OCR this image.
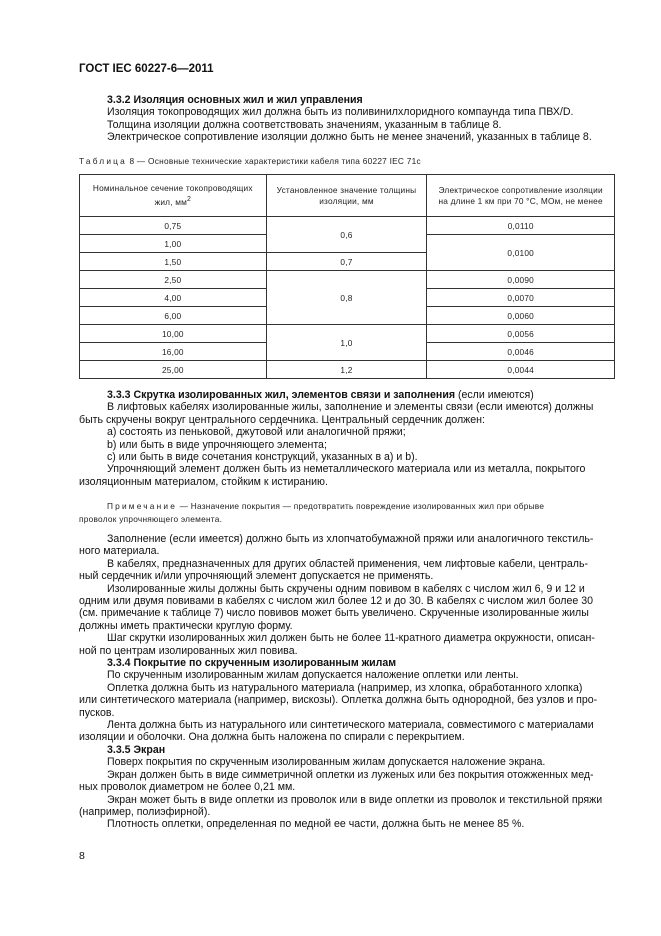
ГОСТ IEC 60227-6—2011
3.3.2 Изоляция основных жил и жил управления
Изоляция токопроводящих жил должна быть из поливинилхлоридного компаунда типа ПВХ/D.
Толщина изоляции должна соответствовать значениям, указанным в таблице 8.
Электрическое сопротивление изоляции должно быть не менее значений, указанных в таблице 8.
Таблица 8 — Основные технические характеристики кабеля типа 60227 IEC 71c
Номинальное сечение токопроводящих
жил, $мм^2$	Установленное значение толщины
изоляции, мм	Электрическое сопротивление изоляции
на длине 1 км при 70 °C, МОм, не менее
0,75	0,6	0,0110
1,00		0,0100
1,50	0,7	
2,50	0,8	0,0090
4,00		0,0070
6,00		0,0060
10,00	1,0	0,0056
16,00		0,0046
25,00	1,2	0,0044
3.3.3 Скрутка изолированных жил, элементов связи и заполнения (если имеются)
В лифтовых кабелях изолированные жилы, заполнение и элементы связи (если имеются) должны
быть скручены вокруг центрального сердечника. Центральный сердечник должен:
a) состоять из пеньковой, джутовой или аналогичной пряжи;
b) или быть в виде упрочняющего элемента;
c) или быть в виде сочетания конструкций, указанных в a) и b).
Упрочняющий элемент должен быть из неметаллического материала или из металла, покрытого
изоляционным материалом, стойким к истиранию.
Примечание — Назначение покрытия — предотвратить повреждение изолированных жил при обрыве
проволок упрочняющего элемента.
Заполнение (если имеется) должно быть из хлопчатобумажной пряжи или аналогичного текстиль-
ного материала.
В кабелях, предназначенных для других областей применения, чем лифтовые кабели, централь-
ный сердечник и/или упрочняющий элемент допускается не применять.
Изолированные жилы должны быть скручены одним повивом в кабелях с числом жил 6, 9 и 12 и
одним или двумя повивами в кабелях с числом жил более 12 и до 30. В кабелях с числом жил более 30
(см. примечание к таблице 7) число повивов может быть увеличено. Скрученные изолированные жилы
должны иметь практически круглую форму.
Шаг скрутки изолированных жил должен быть не более 11-кратного диаметра окружности, описан-
ной по центрам изолированных жил повива.
3.3.4 Покрытие по скрученным изолированным жилам
По скрученным изолированным жилам допускается наложение оплетки или ленты.
Оплетка должна быть из натурального материала (например, из хлопка, обработанного хлопка)
или синтетического материала (например, вискозы). Оплетка должна быть однородной, без узлов и про-
пусков.
Лента должна быть из натурального или синтетического материала, совместимого с материалами
изоляции и оболочки. Она должна быть наложена по спирали с перекрытием.
3.3.5 Экран
Поверх покрытия по скрученным изолированным жилам допускается наложение экрана.
Экран должен быть в виде симметричной оплетки из луженых или без покрытия отожженных мед-
ных проволок диаметром не более 0,21 мм.
Экран может быть в виде оплетки из проволок или в виде оплетки из проволок и текстильной пряжи
(например, полиэфирной).
Плотность оплетки, определенная по медной ее части, должна быть не менее 85 %.
8
